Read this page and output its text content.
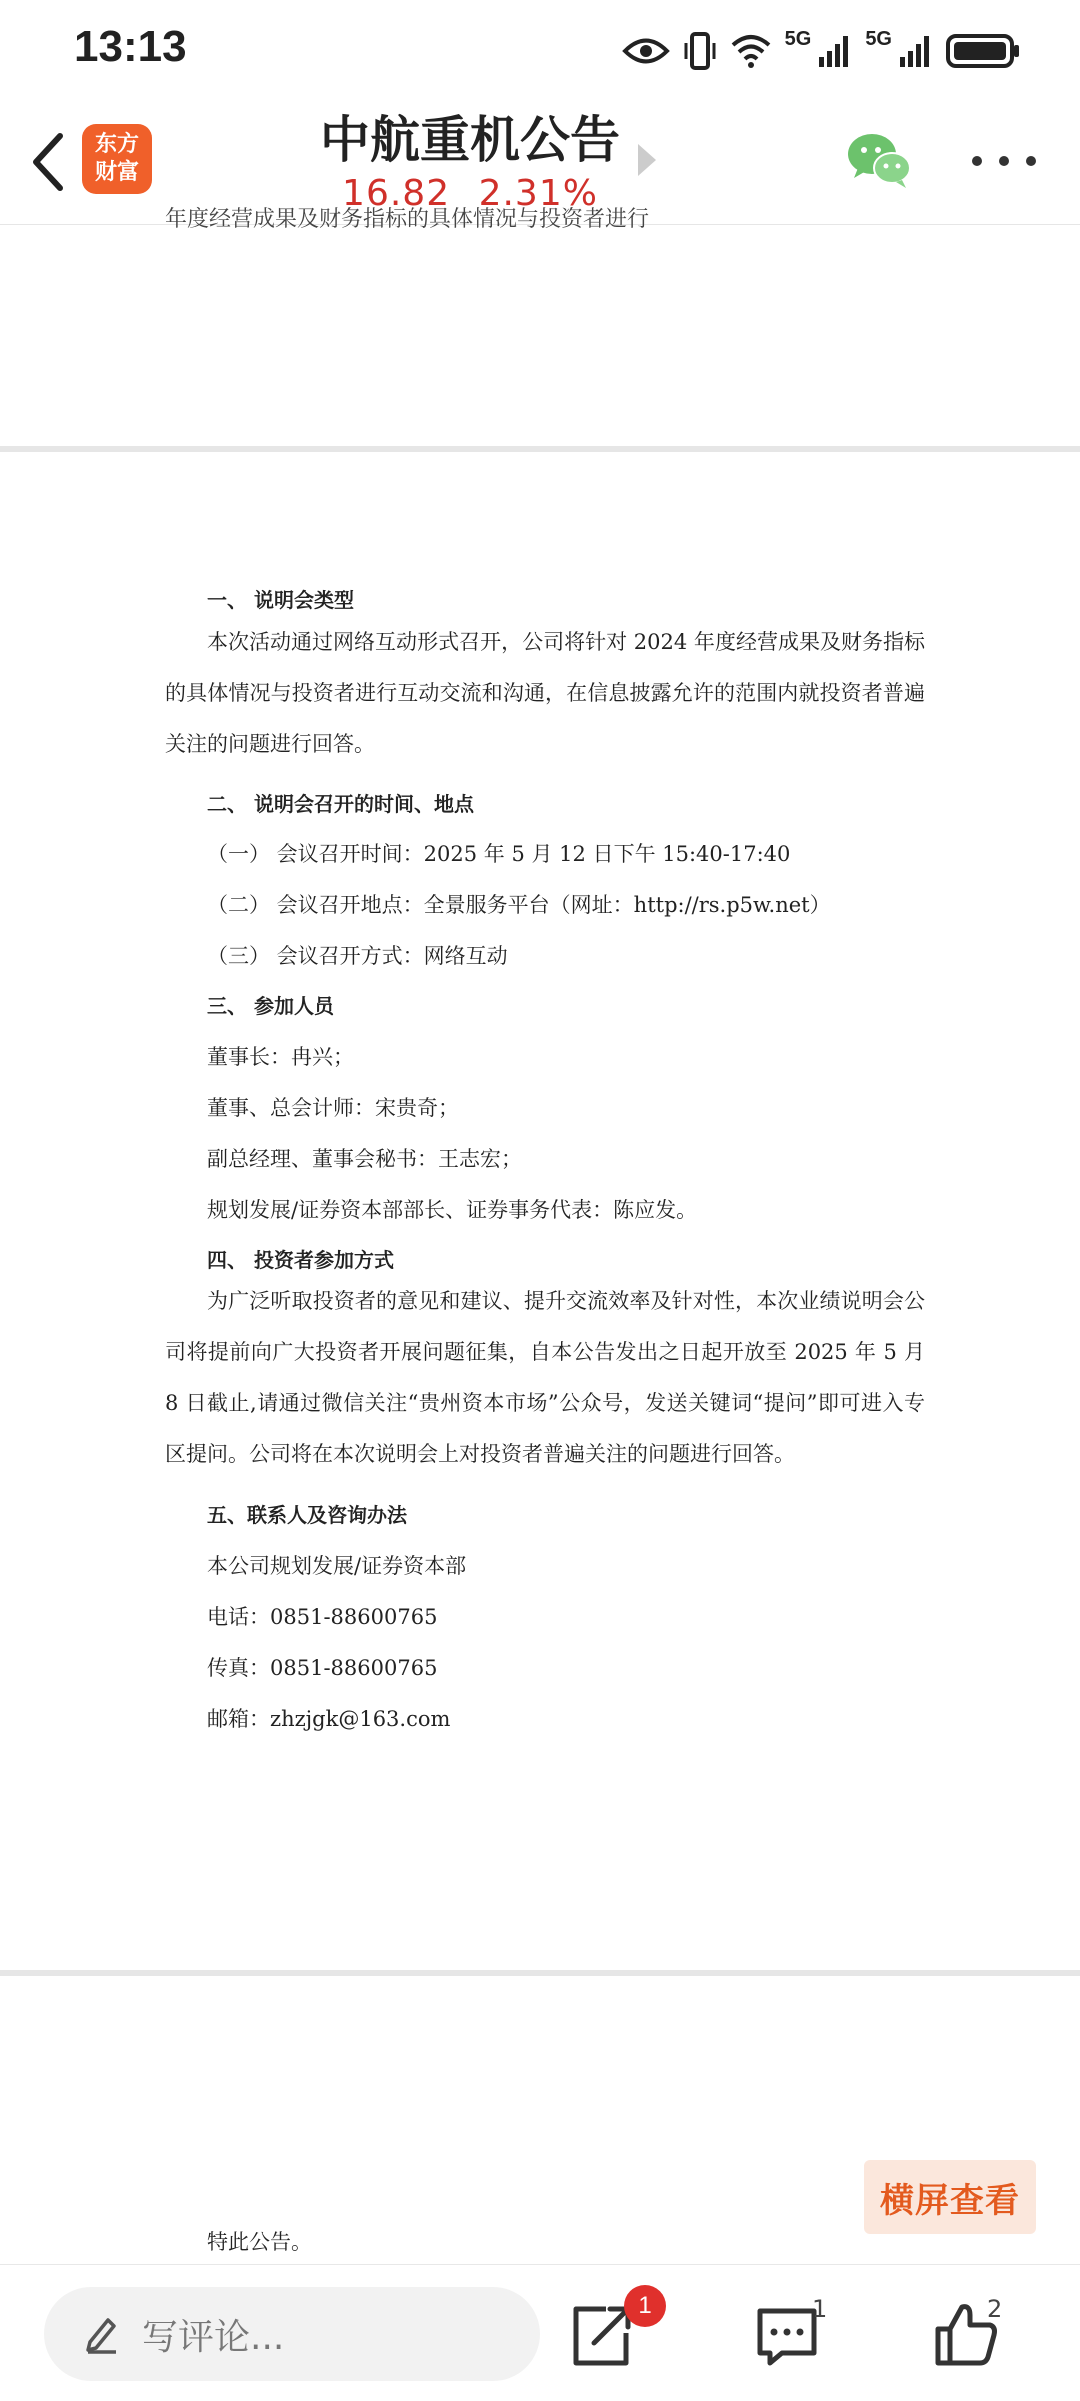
13:13	5G	5G
东方
财富
中航重机公告
16.82 2.31%
年度经营成果及财务指标的具体情况与投资者进行
一、 说明会类型
本次活动通过网络互动形式召开，公司将针对 2024 年度经营成果及财务指标的具体情况与投资者进行互动交流和沟通，在信息披露允许的范围内就投资者普遍关注的问题进行回答。
二、 说明会召开的时间、地点
（一） 会议召开时间：2025 年 5 月 12 日下午 15:40-17:40
（二） 会议召开地点：全景服务平台（网址：http://rs.p5w.net）
（三） 会议召开方式：网络互动
三、 参加人员
董事长：冉兴；
董事、总会计师：宋贵奇；
副总经理、董事会秘书：王志宏；
规划发展/证券资本部部长、证券事务代表：陈应发。
四、 投资者参加方式
为广泛听取投资者的意见和建议、提升交流效率及针对性，本次业绩说明会公司将提前向广大投资者开展问题征集，自本公告发出之日起开放至 2025 年 5 月 8 日截止,请通过微信关注“贵州资本市场”公众号，发送关键词“提问”即可进入专区提问。公司将在本次说明会上对投资者普遍关注的问题进行回答。
五、联系人及咨询办法
本公司规划发展/证券资本部
电话：0851-88600765
传真：0851-88600765
邮箱：zhzjgk@163.com
特此公告。
横屏查看
写评论...
1	1	2
